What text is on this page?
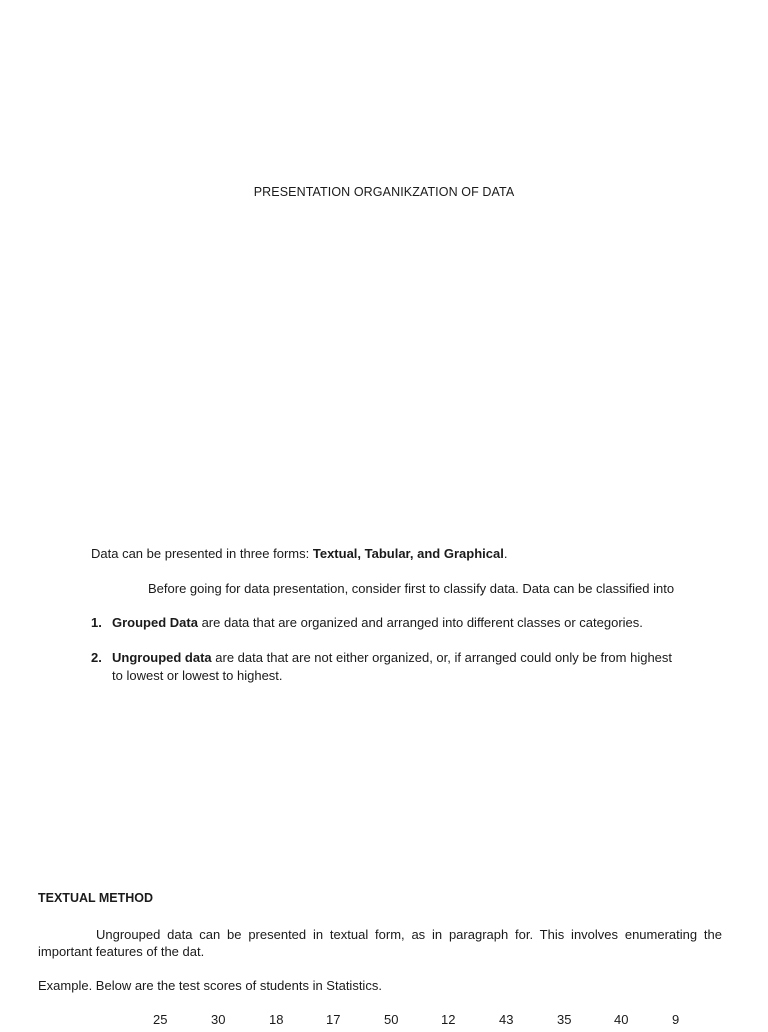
PRESENTATION ORGANIKZATION OF DATA
Data can be presented in three forms: Textual, Tabular, and Graphical.
Before going for data presentation, consider first to classify data. Data can be classified into
1. Grouped Data are data that are organized and arranged into different classes or categories.
2. Ungrouped data are data that are not either organized, or, if arranged could only be from highest to lowest or lowest to highest.
TEXTUAL METHOD
Ungrouped data can be presented in textual form, as in paragraph for. This involves enumerating the important features of the dat.
Example. Below are the test scores of students in Statistics.
25	30	18	17	50	12	43	35	40	9
